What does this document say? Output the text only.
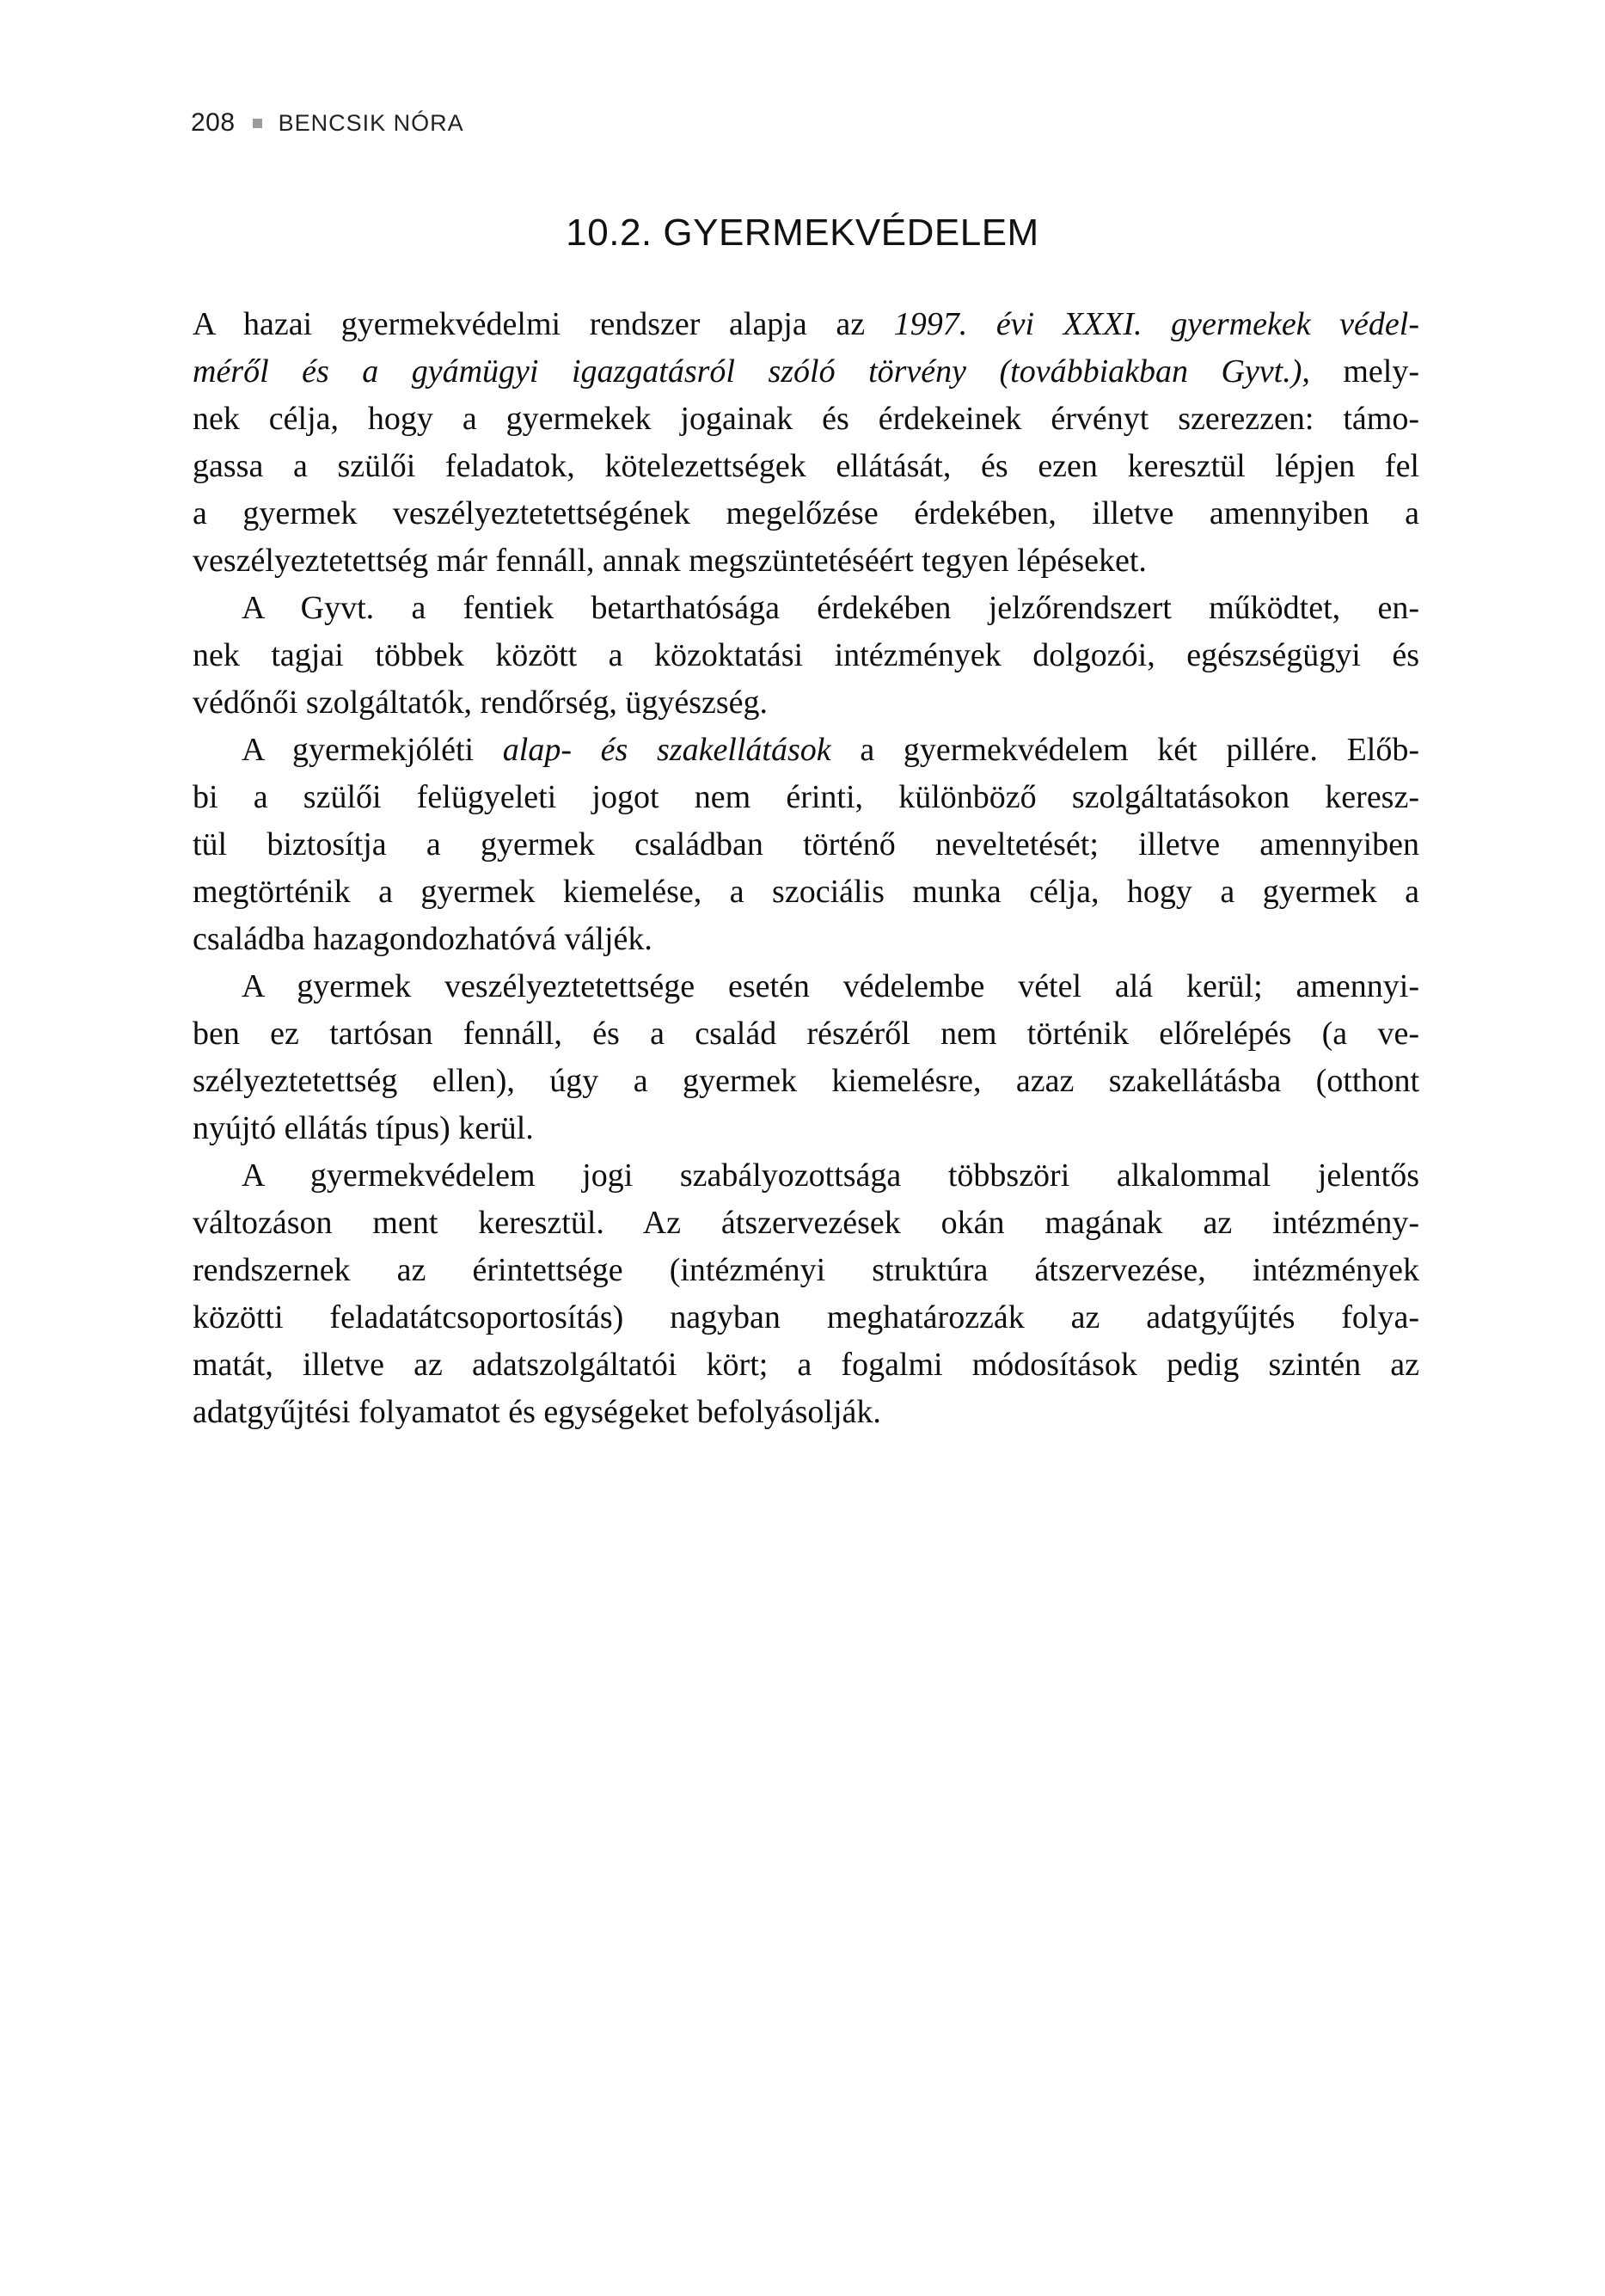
208 BENCSIK NÓRA
10.2. GYERMEKVÉDELEM
A hazai gyermekvédelmi rendszer alapja az 1997. évi XXXI. gyermekek védel-
méről és a gyámügyi igazgatásról szóló törvény (továbbiakban Gyvt.), mely-
nek célja, hogy a gyermekek jogainak és érdekeinek érvényt szerezzen: támo-
gassa a szülői feladatok, kötelezettségek ellátását, és ezen keresztül lépjen fel
a gyermek veszélyeztetettségének megelőzése érdekében, illetve amennyiben a
veszélyeztetettség már fennáll, annak megszüntetéséért tegyen lépéseket.
A Gyvt. a fentiek betarthatósága érdekében jelzőrendszert működtet, en-
nek tagjai többek között a közoktatási intézmények dolgozói, egészségügyi és
védőnői szolgáltatók, rendőrség, ügyészség.
A gyermekjóléti alap- és szakellátások a gyermekvédelem két pillére. Előb-
bi a szülői felügyeleti jogot nem érinti, különböző szolgáltatásokon keresz-
tül biztosítja a gyermek családban történő neveltetését; illetve amennyiben
megtörténik a gyermek kiemelése, a szociális munka célja, hogy a gyermek a
családba hazagondozhatóvá váljék.
A gyermek veszélyeztetettsége esetén védelembe vétel alá kerül; amennyi-
ben ez tartósan fennáll, és a család részéről nem történik előrelépés (a ve-
szélyeztetettség ellen), úgy a gyermek kiemelésre, azaz szakellátásba (otthont
nyújtó ellátás típus) kerül.
A gyermekvédelem jogi szabályozottsága többszöri alkalommal jelentős
változáson ment keresztül. Az átszervezések okán magának az intézmény-
rendszernek az érintettsége (intézményi struktúra átszervezése, intézmények
közötti feladatátcsoportosítás) nagyban meghatározzák az adatgyűjtés folya-
matát, illetve az adatszolgáltatói kört; a fogalmi módosítások pedig szintén az
adatgyűjtési folyamatot és egységeket befolyásolják.
